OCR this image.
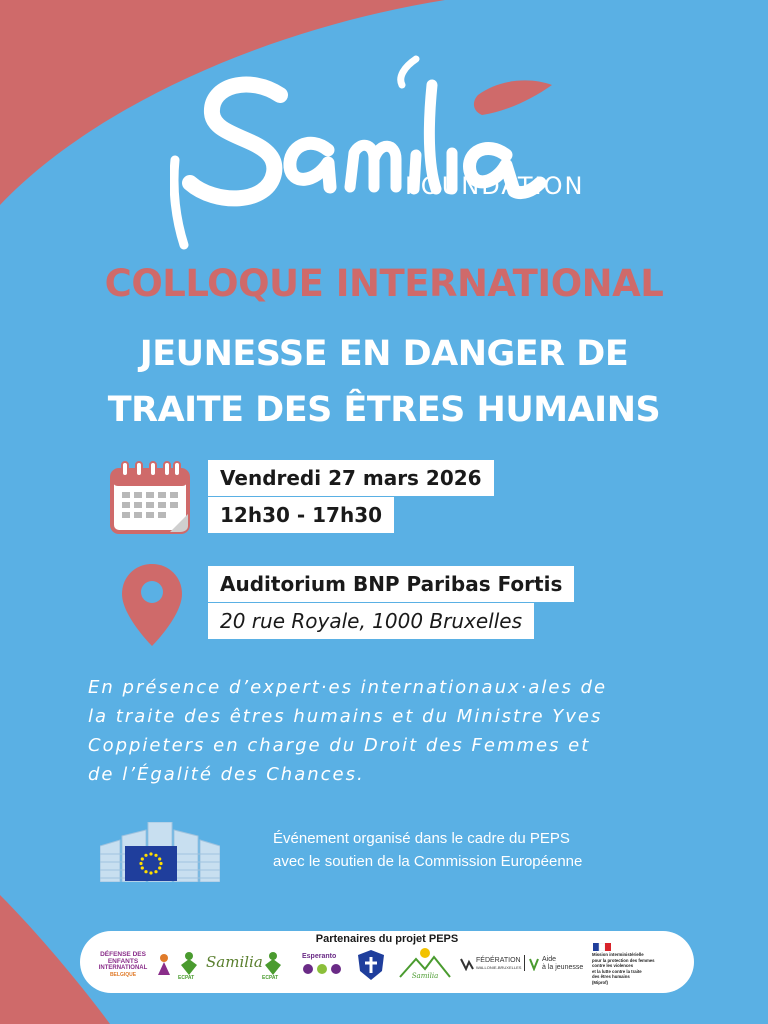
FOUNDATION
COLLOQUE INTERNATIONAL
JEUNESSE EN DANGER DE
TRAITE DES ÊTRES HUMAINS
Vendredi 27 mars 2026
12h30 - 17h30
Auditorium BNP Paribas Fortis
20 rue Royale, 1000 Bruxelles
En présence d’expert·es internationaux·ales de
la traite des êtres humains et du Ministre Yves
Coppieters en charge du Droit des Femmes et
de l’Égalité des Chances.
Événement organisé dans le cadre du PEPS
avec le soutien de la Commission Européenne
Partenaires du projet PEPS
DÉFENSE DES ENFANTS
INTERNATIONAL
BELGIQUE	ECPAT
Samilia
ECPAT
Esperanto
Samilia
FÉDÉRATION
WALLONIE-BRUXELLES
Aide
à la jeunesse
Mission interministérielle
pour la protection des femmes
contre les violences
et la lutte contre la traite
des êtres humains
(Miprof)
